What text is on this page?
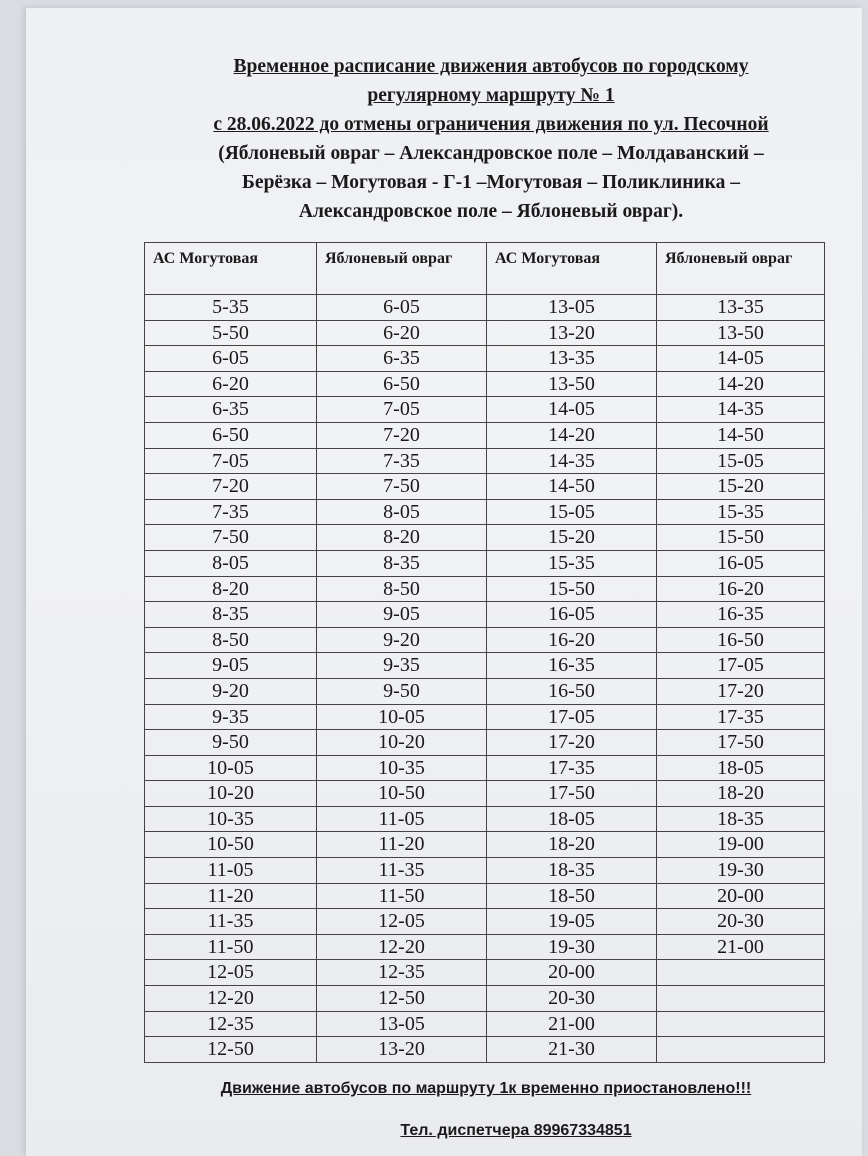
Временное расписание движения автобусов по городскому
регулярному маршруту № 1
с 28.06.2022 до отмены ограничения движения по ул. Песочной
(Яблоневый овраг – Александровское поле – Молдаванский –
Берёзка – Могутовая - Г-1 –Могутовая – Поликлиника –
Александровское поле – Яблоневый овраг).
АС Могутовая	Яблоневый овраг	АС Могутовая	Яблоневый овраг
5-35	6-05	13-05	13-35
5-50	6-20	13-20	13-50
6-05	6-35	13-35	14-05
6-20	6-50	13-50	14-20
6-35	7-05	14-05	14-35
6-50	7-20	14-20	14-50
7-05	7-35	14-35	15-05
7-20	7-50	14-50	15-20
7-35	8-05	15-05	15-35
7-50	8-20	15-20	15-50
8-05	8-35	15-35	16-05
8-20	8-50	15-50	16-20
8-35	9-05	16-05	16-35
8-50	9-20	16-20	16-50
9-05	9-35	16-35	17-05
9-20	9-50	16-50	17-20
9-35	10-05	17-05	17-35
9-50	10-20	17-20	17-50
10-05	10-35	17-35	18-05
10-20	10-50	17-50	18-20
10-35	11-05	18-05	18-35
10-50	11-20	18-20	19-00
11-05	11-35	18-35	19-30
11-20	11-50	18-50	20-00
11-35	12-05	19-05	20-30
11-50	12-20	19-30	21-00
12-05	12-35	20-00
12-20	12-50	20-30
12-35	13-05	21-00
12-50	13-20	21-30
Движение автобусов по маршруту 1к временно приостановлено!!!
Тел. диспетчера 89967334851
